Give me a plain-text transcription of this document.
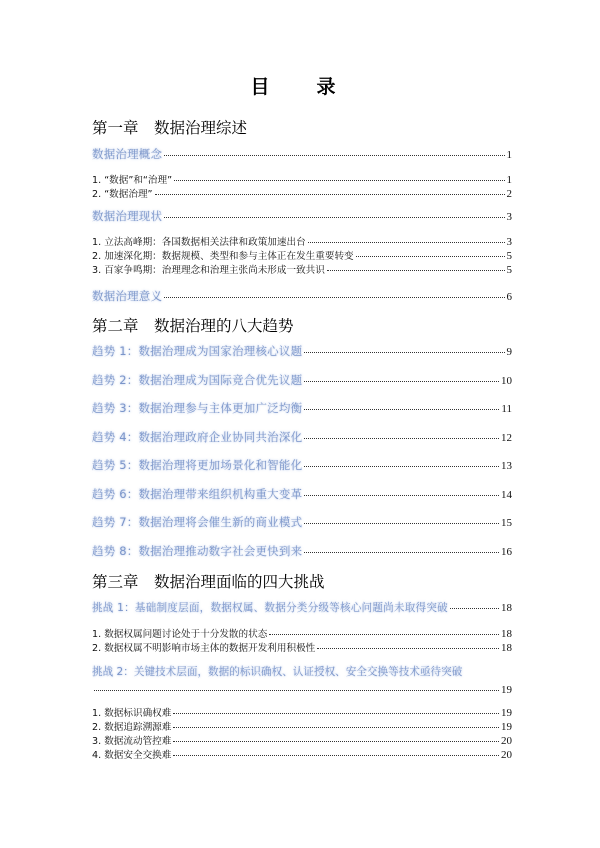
目　录
第一章　数据治理综述
数据治理概念	1
1. “数据”和“治理”	1
2. “数据治理”	2
数据治理现状	3
1. 立法高峰期：各国数据相关法律和政策加速出台	3
2. 加速深化期：数据规模、类型和参与主体正在发生重要转变	5
3. 百家争鸣期：治理理念和治理主张尚未形成一致共识	5
数据治理意义	6
第二章　数据治理的八大趋势
趋势 1：数据治理成为国家治理核心议题	9
趋势 2：数据治理成为国际竞合优先议题	10
趋势 3：数据治理参与主体更加广泛均衡	11
趋势 4：数据治理政府企业协同共治深化	12
趋势 5：数据治理将更加场景化和智能化	13
趋势 6：数据治理带来组织机构重大变革	14
趋势 7：数据治理将会催生新的商业模式	15
趋势 8：数据治理推动数字社会更快到来	16
第三章　数据治理面临的四大挑战
挑战 1：基础制度层面，数据权属、数据分类分级等核心问题尚未取得突破	18
1. 数据权属问题讨论处于十分发散的状态	18
2. 数据权属不明影响市场主体的数据开发利用积极性	18
挑战 2：关键技术层面，数据的标识确权、认证授权、安全交换等技术亟待突破
19
1. 数据标识确权难	19
2. 数据追踪溯源难	19
3. 数据流动管控难	20
4. 数据安全交换难	20
